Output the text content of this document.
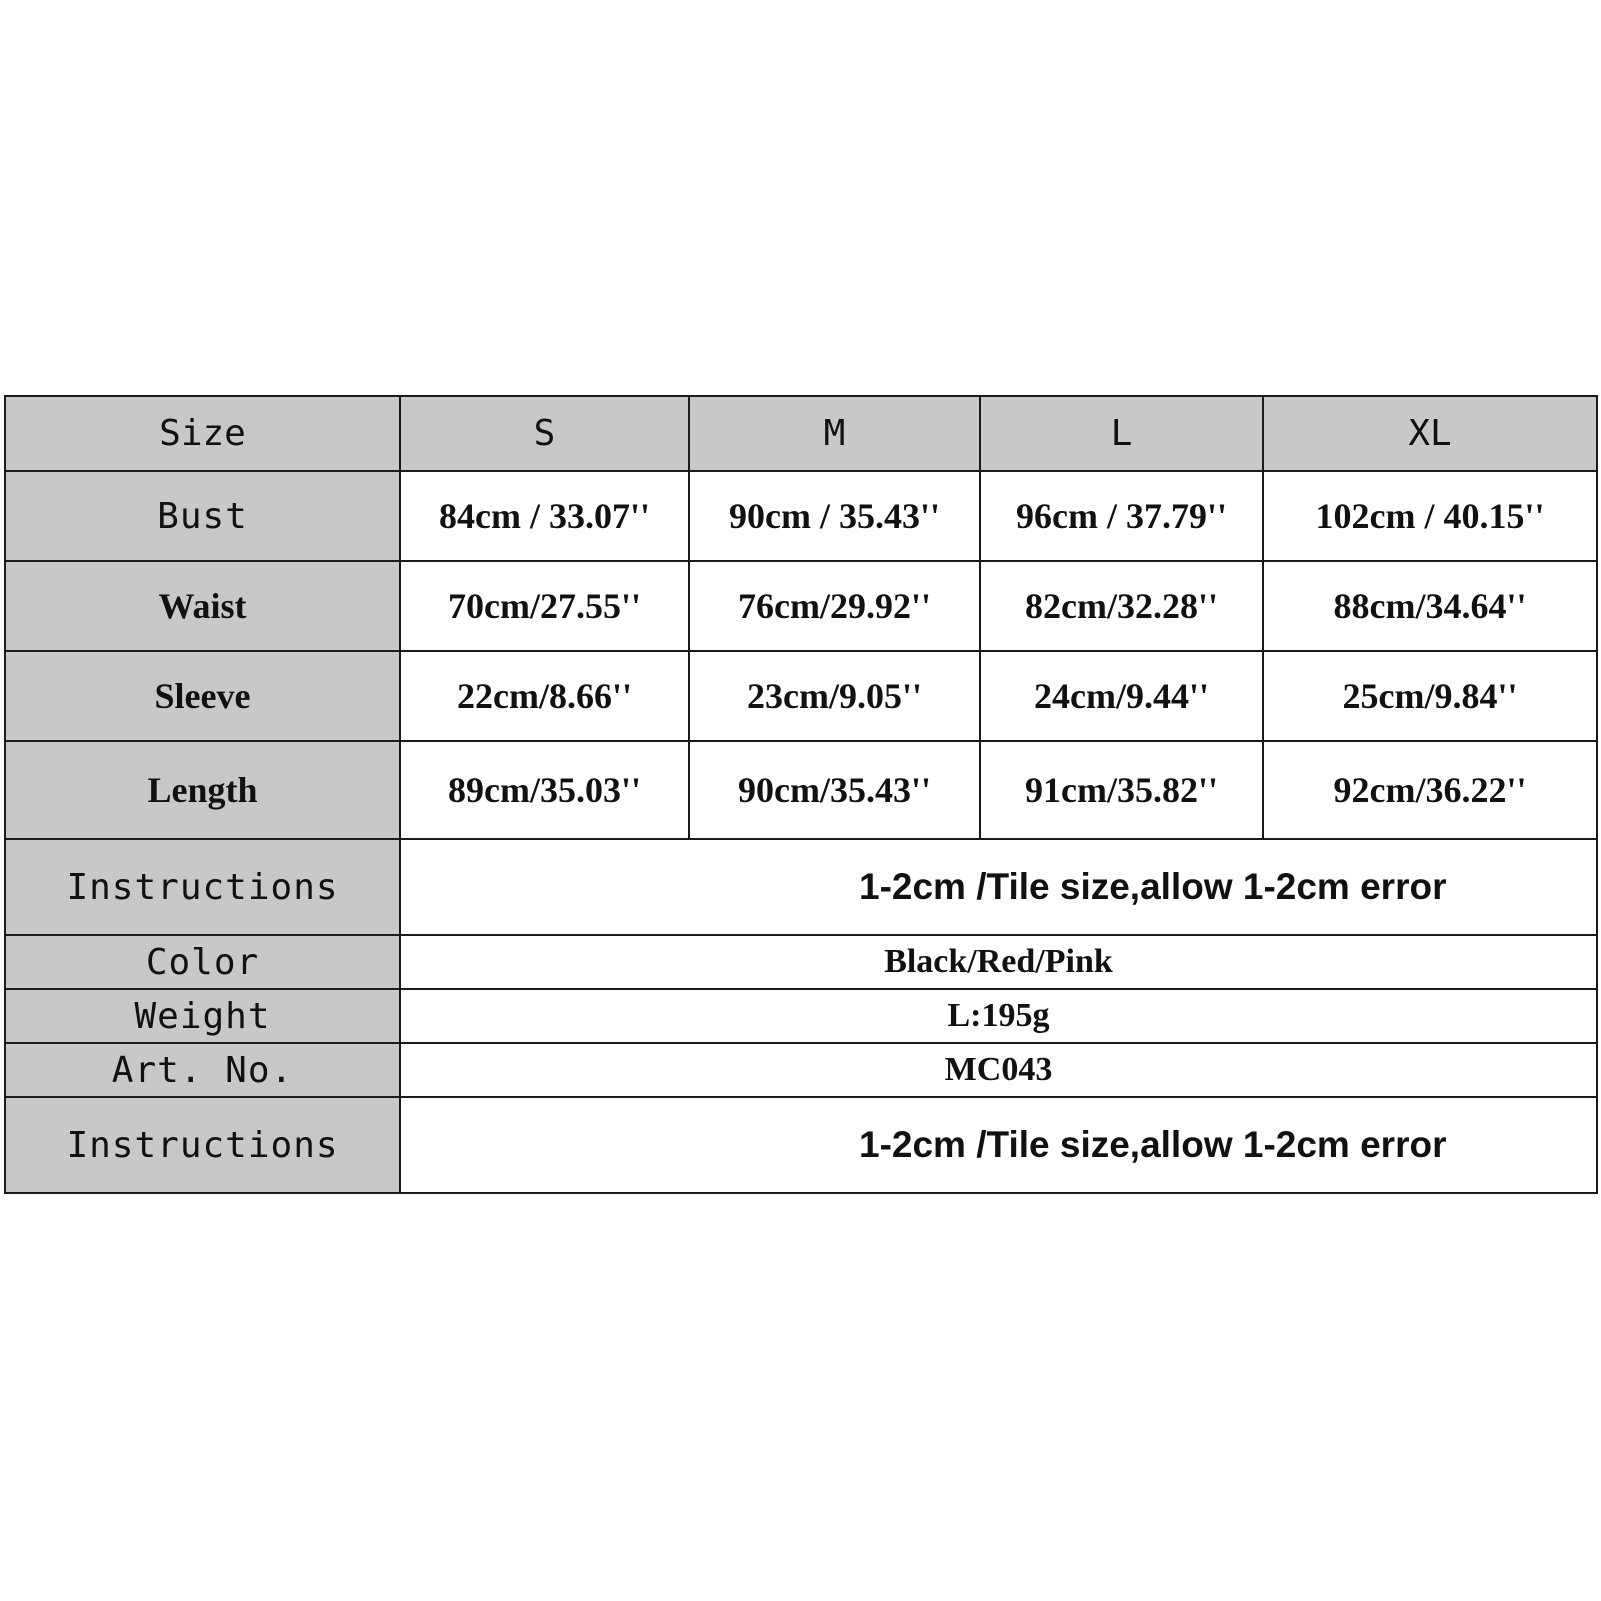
Size	S	M	L	XL
Bust	84cm / 33.07''	90cm / 35.43''	96cm / 37.79''	102cm / 40.15''
Waist	70cm/27.55''	76cm/29.92''	82cm/32.28''	88cm/34.64''
Sleeve	22cm/8.66''	23cm/9.05''	24cm/9.44''	25cm/9.84''
Length	89cm/35.03''	90cm/35.43''	91cm/35.82''	92cm/36.22''
Instructions	1-2cm /Tile size,allow 1-2cm error			
Color	Black/Red/Pink			
Weight	L:195g			
Art. No.	MC043			
Instructions	1-2cm /Tile size,allow 1-2cm error			
